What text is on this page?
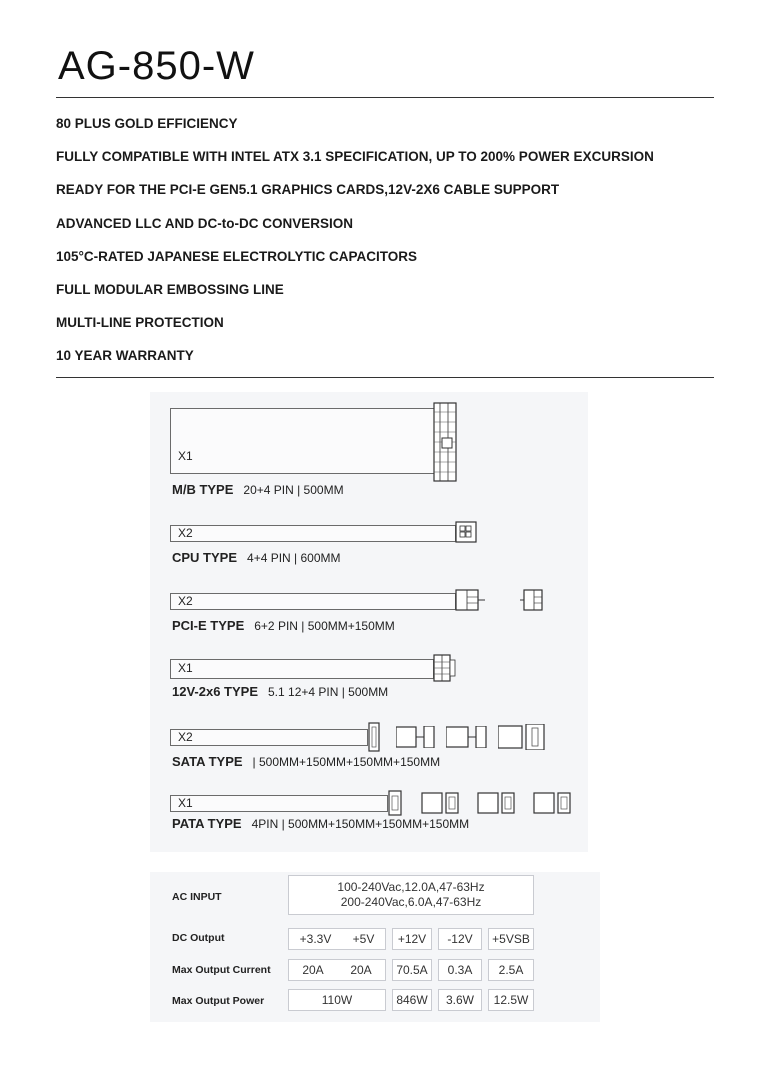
AG-850-W
80 PLUS GOLD EFFICIENCY
FULLY COMPATIBLE WITH INTEL ATX 3.1 SPECIFICATION, UP TO 200% POWER EXCURSION
READY FOR THE PCI-E GEN5.1 GRAPHICS CARDS,12V-2X6 CABLE SUPPORT
ADVANCED LLC AND DC-to-DC CONVERSION
105°C-RATED JAPANESE ELECTROLYTIC CAPACITORS
FULL MODULAR EMBOSSING LINE
MULTI-LINE PROTECTION
10 YEAR WARRANTY
X1
M/B TYPE 20+4 PIN | 500MM
X2
CPU TYPE 4+4 PIN | 600MM
X2
PCI-E TYPE 6+2 PIN | 500MM+150MM
X1
12V-2x6 TYPE 5.1 12+4 PIN | 500MM
X2
SATA TYPE | 500MM+150MM+150MM+150MM
X1
PATA TYPE 4PIN | 500MM+150MM+150MM+150MM
AC INPUT
100-240Vac,12.0A,47-63Hz
200-240Vac,6.0A,47-63Hz
DC Output	+3.3V +5V	+12V	-12V	+5VSB
Max Output Current	20A 20A	70.5A	0.3A	2.5A
Max Output Power	110W	846W	3.6W	12.5W
